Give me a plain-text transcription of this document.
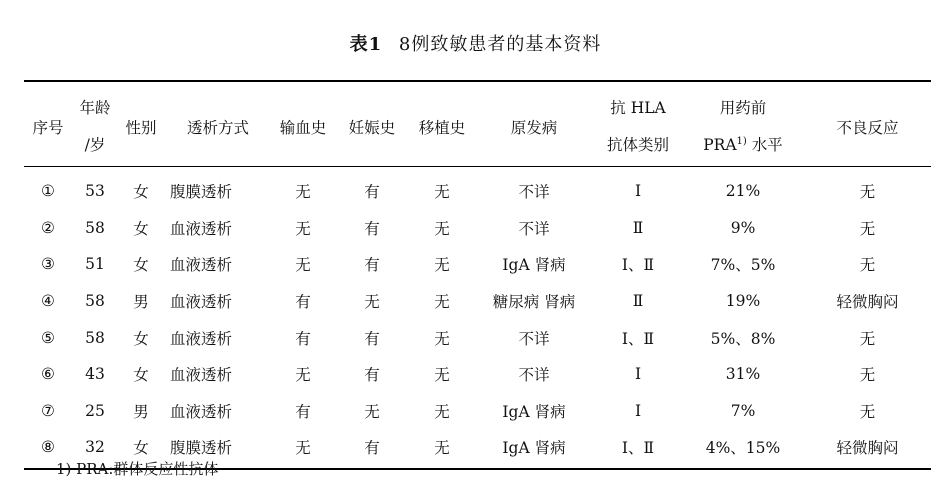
表1 8例致敏患者的基本资料
序号	年龄	性别	透析方式	输血史	妊娠史	移植史	原发病	抗 HLA	用药前	不良反应
	/岁							抗体类别	PRA$^{1)}$ 水平	
①	53	女	腹膜透析	无	有	无	不详	Ⅰ	21%	无
②	58	女	血液透析	无	有	无	不详	Ⅱ	9%	无
③	51	女	血液透析	无	有	无	IgA 肾病	Ⅰ、Ⅱ	7%、5%	无
④	58	男	血液透析	有	无	无	糖尿病 肾病	Ⅱ	19%	轻微胸闷
⑤	58	女	血液透析	有	有	无	不详	Ⅰ、Ⅱ	5%、8%	无
⑥	43	女	血液透析	无	有	无	不详	Ⅰ	31%	无
⑦	25	男	血液透析	有	无	无	IgA 肾病	Ⅰ	7%	无
⑧	32	女	腹膜透析	无	有	无	IgA 肾病	Ⅰ、Ⅱ	4%、15%	轻微胸闷
1) PRA:群体反应性抗体
